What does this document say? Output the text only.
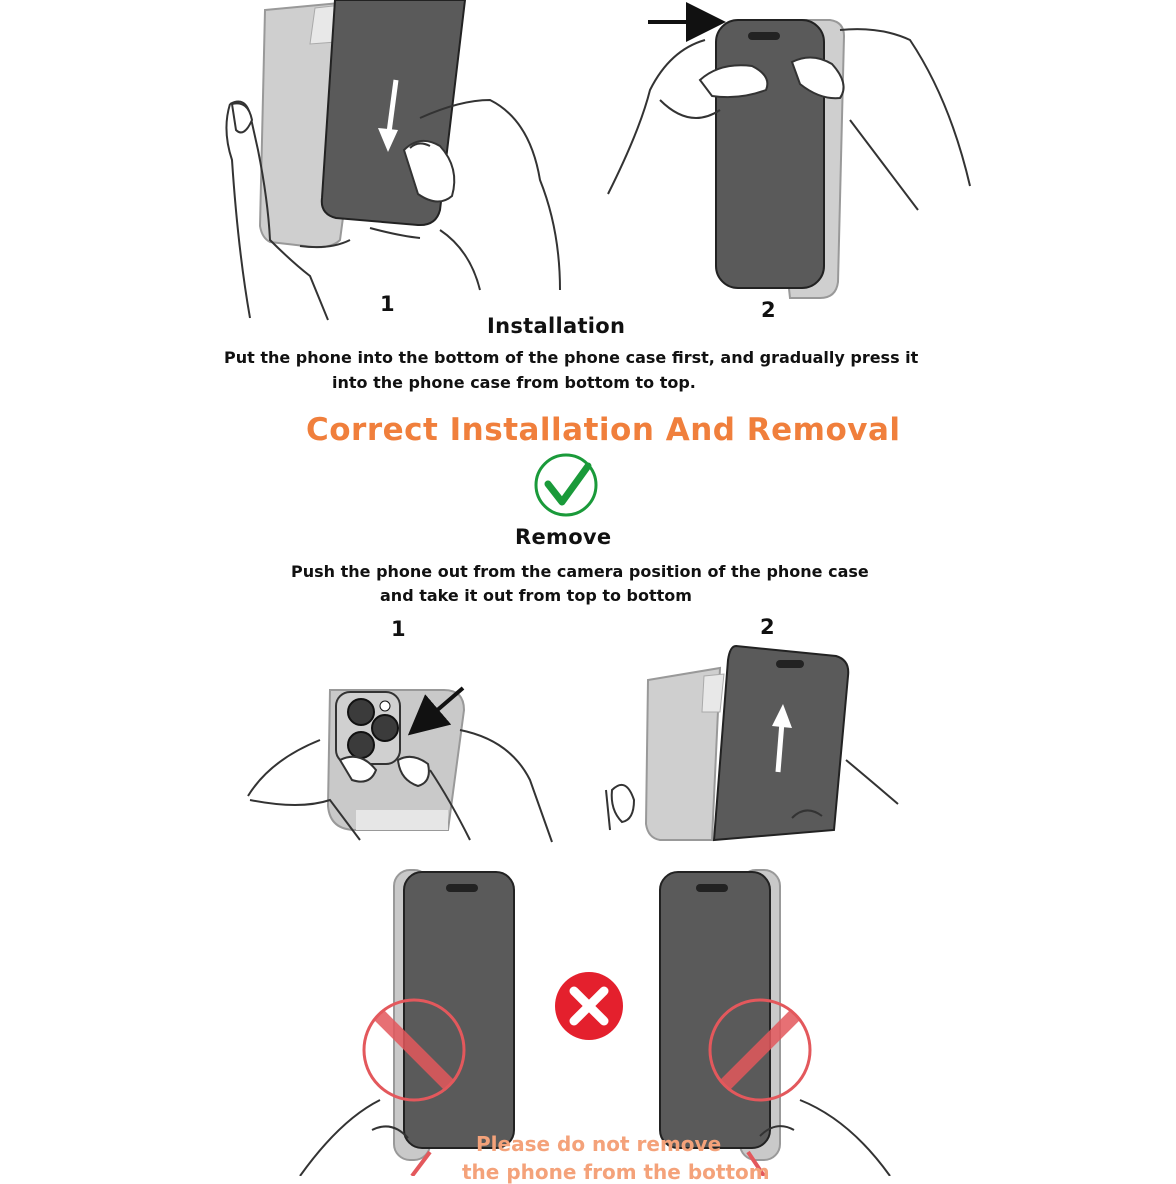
1	2
Installation
Put the phone into the bottom of the phone case first, and gradually press it
into the phone case from bottom to top.
Correct Installation And Removal
Remove
Push the phone out from the camera position of the phone case
and take it out from top to bottom
1	2
Please do not remove
the phone from the bottom
